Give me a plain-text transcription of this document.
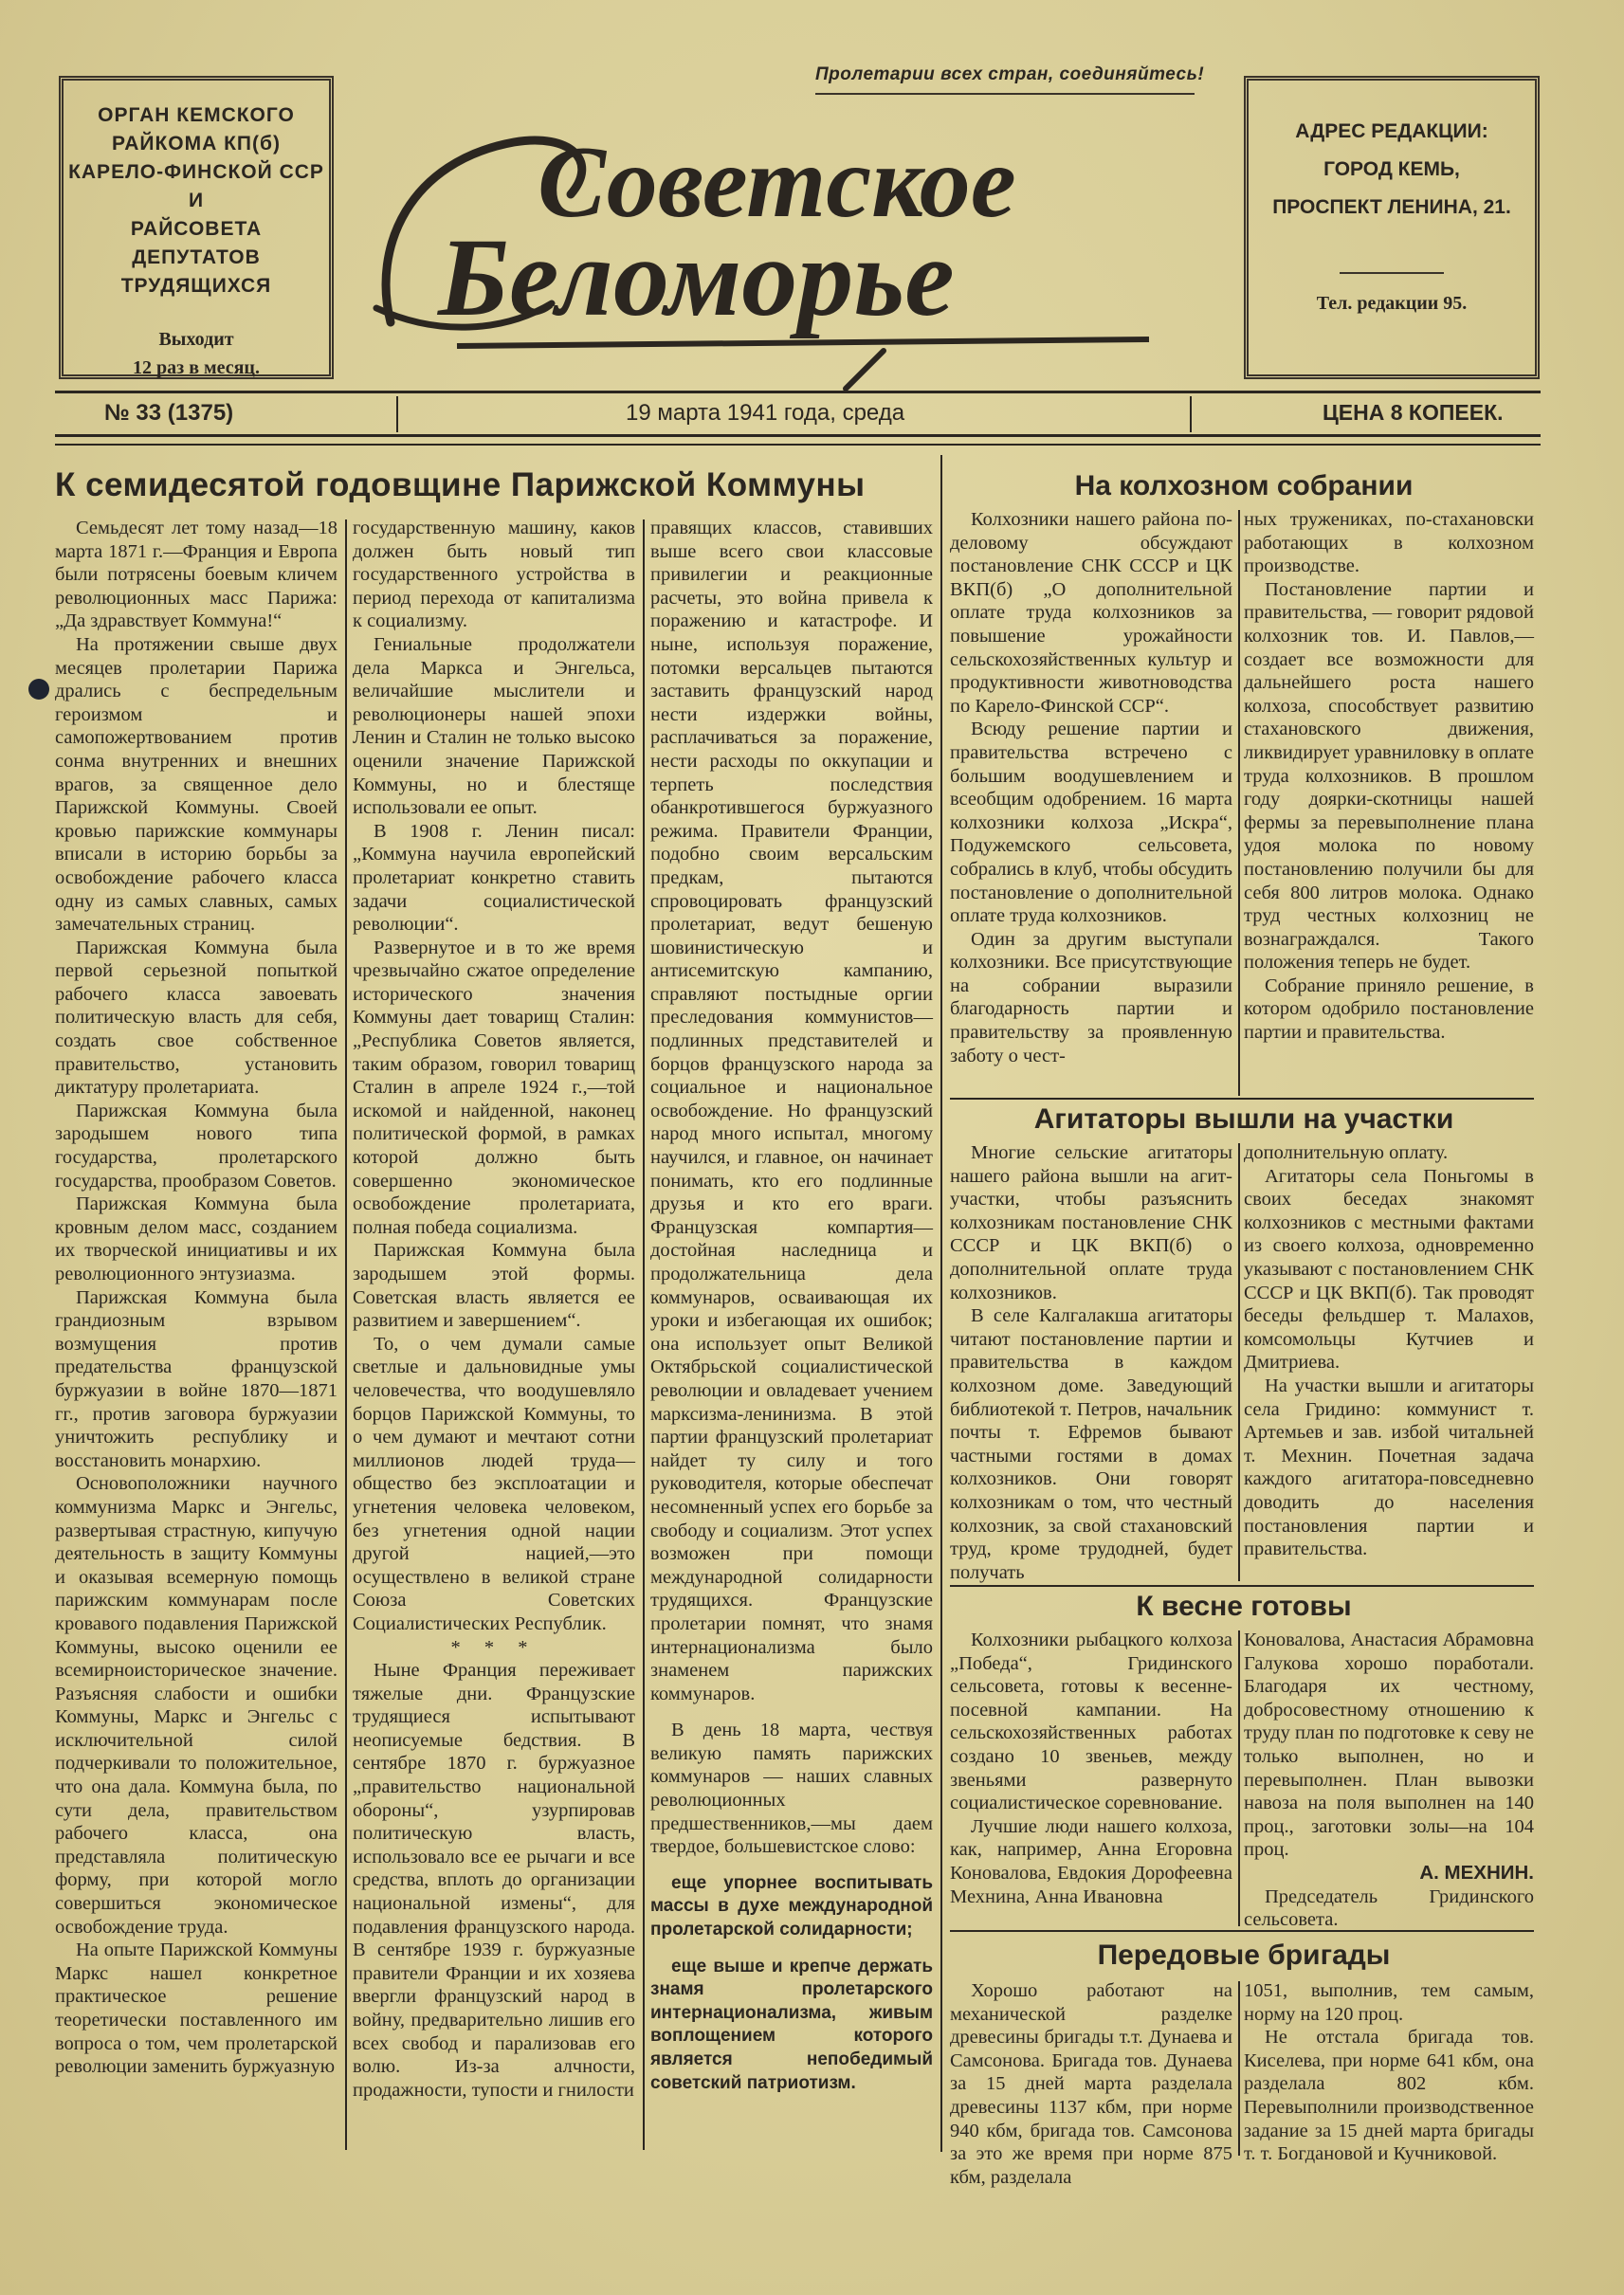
ОРГАН КЕМСКОГО
РАЙКОМА КП(б)
КАРЕЛО-ФИНСКОЙ ССР
И
РАЙСОВЕТА ДЕПУТАТОВ
ТРУДЯЩИХСЯ
Выходит
12 раз в месяц.
Пролетарии всех стран, соединяйтесь!
Советское
Беломорье
АДРЕС РЕДАКЦИИ:
ГОРОД КЕМЬ,
ПРОСПЕКТ ЛЕНИНА, 21.
Тел. редакции 95.
№ 33 (1375)	19 марта 1941 года, среда	ЦЕНА 8 КОПЕЕК.
К семидесятой годовщине Парижской Коммуны

Семьдесят лет тому назад—18 марта 1871 г.—Франция и Европа были потрясены боевым кличем революционных масс Парижа: „Да здравствует Коммуна!“

На протяжении свыше двух месяцев пролетарии Парижа дрались с беспредельным героизмом и самопожертвованием против сонма внутренних и внешних врагов, за священное дело Парижской Коммуны. Своей кровью парижские коммунары вписали в историю борьбы за освобождение рабочего класса одну из самых славных, самых замечательных страниц.

Парижская Коммуна была первой серьезной попыткой рабочего класса завоевать политическую власть для себя, создать свое собственное правительство, установить диктатуру пролетариата.

Парижская Коммуна была зародышем нового типа государства, пролетарского государства, прообразом Советов.

Парижская Коммуна была кровным делом масс, созданием их творческой инициативы и их революционного энтузиазма.

Парижская Коммуна была грандиозным взрывом возмущения против предательства французской буржуазии в войне 1870—1871 гг., против заговора буржуазии уничтожить республику и восстановить монархию.

Основоположники научного коммунизма Маркс и Энгельс, развертывая страстную, кипучую деятельность в защиту Коммуны и оказывая всемерную помощь парижским коммунарам после кровавого подавления Парижской Коммуны, высоко оценили ее всемирноисторическое значение. Разъясняя слабости и ошибки Коммуны, Маркс и Энгельс с исключительной силой подчеркивали то положительное, что она дала. Коммуна была, по сути дела, правительством рабочего класса, она представляла политическую форму, при которой могло совершиться экономическое освобождение труда.

На опыте Парижской Коммуны Маркс нашел конкретное практическое решение теоретически поставленного им вопроса о том, чем пролетарской революции заменить буржуазную

государственную машину, каков должен быть новый тип государственного устройства в период перехода от капитализма к социализму.

Гениальные продолжатели дела Маркса и Энгельса, величайшие мыслители и революционеры нашей эпохи Ленин и Сталин не только высоко оценили значение Парижской Коммуны, но и блестяще использовали ее опыт.

В 1908 г. Ленин писал: „Коммуна научила европейский пролетариат конкретно ставить задачи социалистической революции“.

Развернутое и в то же время чрезвычайно сжатое определение исторического значения Коммуны дает товарищ Сталин: „Республика Советов является, таким образом, говорил товарищ Сталин в апреле 1924 г.,—той искомой и найденной, наконец политической формой, в рамках которой должно быть совершенно экономическое освобождение пролетариата, полная победа социализма.

Парижская Коммуна была зародышем этой формы. Советская власть является ее развитием и завершением“.

То, о чем думали самые светлые и дальновидные умы человечества, что воодушевляло борцов Парижской Коммуны, то о чем думают и мечтают сотни миллионов людей труда—общество без эксплоатации и угнетения человека человеком, без угнетения одной нации другой нацией,—это осуществлено в великой стране Союза Советских Социалистических Республик.

* * *

Ныне Франция переживает тяжелые дни. Французские трудящиеся испытывают неописуемые бедствия. В сентябре 1870 г. буржуазное „правительство национальной обороны“, узурпировав политическую власть, использовало все ее рычаги и все средства, вплоть до организации национальной измены“, для подавления французского народа. В сентябре 1939 г. буржуазные правители Франции и их хозяева ввергли французский народ в войну, предварительно лишив его всех свобод и парализовав его волю. Из-за алчности, продажности, тупости и гнилости

правящих классов, ставивших выше всего свои классовые привилегии и реакционные расчеты, это война привела к поражению и катастрофе. И ныне, используя поражение, потомки версальцев пытаются заставить французский народ нести издержки войны, расплачиваться за поражение, нести расходы по оккупации и терпеть последствия обанкротившегося буржуазного режима. Правители Франции, подобно своим версальским предкам, пытаются спровоцировать французский пролетариат, ведут бешеную шовинистическую и антисемитскую кампанию, справляют постыдные оргии преследования коммунистов—подлинных представителей и борцов французского народа за социальное и национальное освобождение. Но французский народ много испытал, многому научился, и главное, он начинает понимать, кто его подлинные друзья и кто его враги. Французская компартия—достойная наследница и продолжательница дела коммунаров, осваивающая их уроки и избегающая их ошибок; она использует опыт Великой Октябрьской социалистической революции и овладевает учением марксизма-ленинизма. В этой партии французский пролетариат найдет ту силу и того руководителя, которые обеспечат несомненный успех его борьбе за свободу и социализм. Этот успех возможен при помощи международной солидарности трудящихся. Французские пролетарии помнят, что знамя интернационализма было знаменем парижских коммунаров.

В день 18 марта, чествуя великую память парижских коммунаров — наших славных революционных предшественников,—мы даем твердое, большевистское слово:

еще упорнее воспитывать массы в духе международной пролетарской солидарности;

еще выше и крепче держать знамя пролетарского интернационализма, живым воплощением которого является непобедимый советский патриотизм.

На колхозном собрании

Колхозники нашего района по-деловому обсуждают постановление СНК СССР и ЦК ВКП(б) „О дополнительной оплате труда колхозников за повышение урожайности сельскохозяйственных культур и продуктивности животноводства по Карело-Финской ССР“.

Всюду решение партии и правительства встречено с большим воодушевлением и всеобщим одобрением. 16 марта колхозники колхоза „Искра“, Подужемского сельсовета, собрались в клуб, чтобы обсудить постановление о дополнительной оплате труда колхозников.

Один за другим выступали колхозники. Все присутствующие на собрании выразили благодарность партии и правительству за проявленную заботу о чест-

ных тружениках, по-стахановски работающих в колхозном производстве.

Постановление партии и правительства, — говорит рядовой колхозник тов. И. Павлов,—создает все возможности для дальнейшего роста нашего колхоза, способствует развитию стахановского движения, ликвидирует уравниловку в оплате труда колхозников. В прошлом году доярки-скотницы нашей фермы за перевыполнение плана удоя молока по новому постановлению получили бы для себя 800 литров молока. Однако труд честных колхозниц не вознаграждался. Такого положения теперь не будет.

Собрание приняло решение, в котором одобрило постановление партии и правительства.

Агитаторы вышли на участки

Многие сельские агитаторы нашего района вышли на агит-участки, чтобы разъяснить колхозникам постановление СНК СССР и ЦК ВКП(б) о дополнительной оплате труда колхозников.

В селе Калгалакша агитаторы читают постановление партии и правительства в каждом колхозном доме. Заведующий библиотекой т. Петров, начальник почты т. Ефремов бывают частными гостями в домах колхозников. Они говорят колхозникам о том, что честный колхозник, за свой стахановский труд, кроме трудодней, будет получать

дополнительную оплату.

Агитаторы села Поньгомы в своих беседах знакомят колхозников с местными фактами из своего колхоза, одновременно указывают с постановлением СНК СССР и ЦК ВКП(б). Так проводят беседы фельдшер т. Малахов, комсомольцы Кутчиев и Дмитриева.

На участки вышли и агитаторы села Гридино: коммунист т. Артемьев и зав. избой читальней т. Мехнин. Почетная задача каждого агитатора-повседневно доводить до населения постановления партии и правительства.

К весне готовы

Колхозники рыбацкого колхоза „Победа“, Гридинского сельсовета, готовы к весенне-посевной кампании. На сельскохозяйственных работах создано 10 звеньев, между звеньями развернуто социалистическое соревнование.

Лучшие люди нашего колхоза, как, например, Анна Егоровна Коновалова, Евдокия Дорофеевна Мехнина, Анна Ивановна

Коновалова, Анастасия Абрамовна Галукова хорошо поработали. Благодаря их честному, добросовестному отношению к труду план по подготовке к севу не только выполнен, но и перевыполнен. План вывозки навоза на поля выполнен на 140 проц., заготовки золы—на 104 проц.

А. МЕХНИН.

Председатель Гридинского сельсовета.

Передовые бригады

Хорошо работают на механической разделке древесины бригады т.т. Дунаева и Самсонова. Бригада тов. Дунаева за 15 дней марта разделала древесины 1137 кбм, при норме 940 кбм, бригада тов. Самсонова за это же время при норме 875 кбм, разделала

1051, выполнив, тем самым, норму на 120 проц.

Не отстала бригада тов. Киселева, при норме 641 кбм, она разделала 802 кбм. Перевыполнили производственное задание за 15 дней марта бригады т. т. Богдановой и Кучниковой.
